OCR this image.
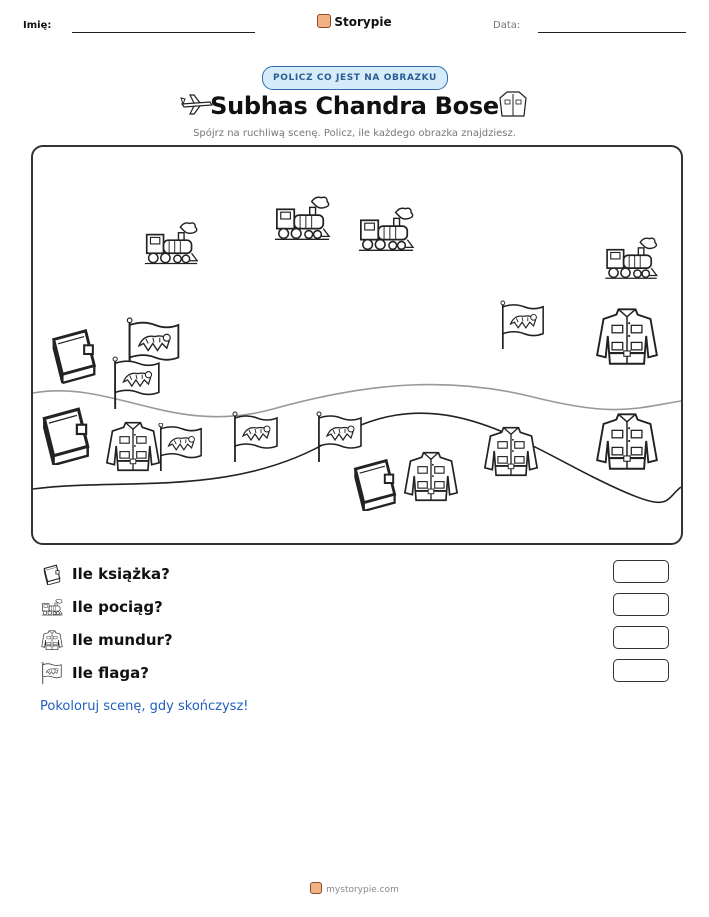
Imię:	Storypie	Data:
POLICZ CO JEST NA OBRAZKU
Subhas Chandra Bose
Spójrz na ruchliwą scenę. Policz, ile każdego obrazka znajdziesz.
Ile książka?
Ile pociąg?
Ile mundur?
Ile flaga?
Pokoloruj scenę, gdy skończysz!
mystorypie.com
